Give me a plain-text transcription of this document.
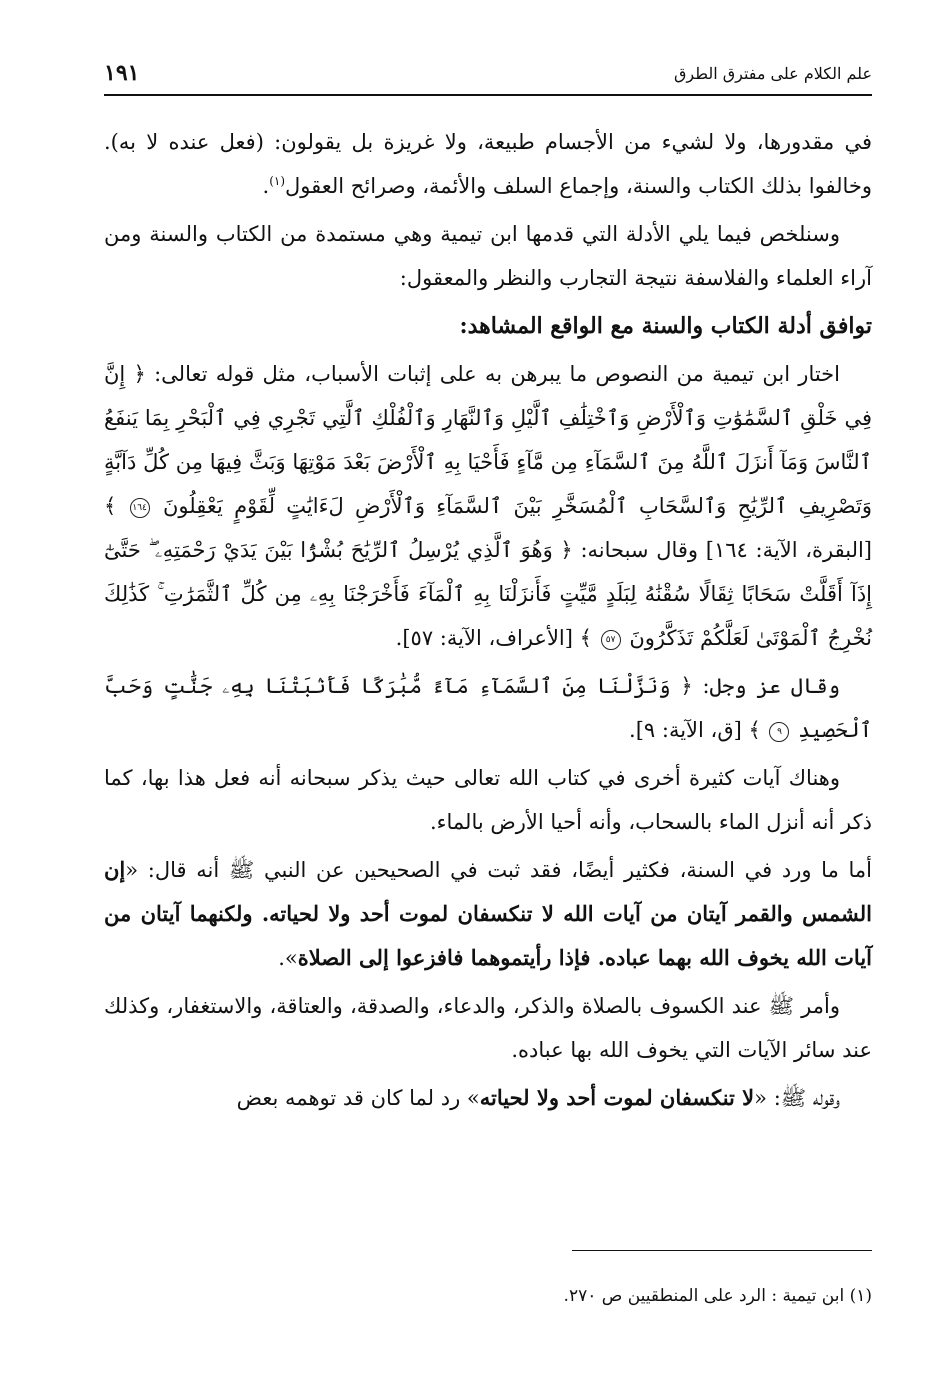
علم الكلام على مفترق الطرق
١٩١

في مقدورها، ولا لشيء من الأجسام طبيعة، ولا غريزة بل يقولون: (فعل عنده لا به). وخالفوا بذلك الكتاب والسنة، وإجماع السلف والأئمة، وصرائح العقول$^{(١)}$.

وسنلخص فيما يلي الأدلة التي قدمها ابن تيمية وهي مستمدة من الكتاب والسنة ومن آراء العلماء والفلاسفة نتيجة التجارب والنظر والمعقول:

توافق أدلة الكتاب والسنة مع الواقع المشاهد:

اختار ابن تيمية من النصوص ما يبرهن به على إثبات الأسباب، مثل قوله تعالى: ﴿ إِنَّ فِي خَلْقِ ٱلسَّمَٰوَٰتِ وَٱلْأَرْضِ وَٱخْتِلَٰفِ ٱلَّيْلِ وَٱلنَّهَارِ وَٱلْفُلْكِ ٱلَّتِي تَجْرِي فِي ٱلْبَحْرِ بِمَا يَنفَعُ ٱلنَّاسَ وَمَآ أَنزَلَ ٱللَّهُ مِنَ ٱلسَّمَآءِ مِن مَّآءٍ فَأَحْيَا بِهِ ٱلْأَرْضَ بَعْدَ مَوْتِهَا وَبَثَّ فِيهَا مِن كُلِّ دَآبَّةٍ وَتَصْرِيفِ ٱلرِّيَٰحِ وَٱلسَّحَابِ ٱلْمُسَخَّرِ بَيْنَ ٱلسَّمَآءِ وَٱلْأَرْضِ لَءَايَٰتٍ لِّقَوْمٍ يَعْقِلُونَ ١٦٤ ﴾ [البقرة، الآية: ١٦٤] وقال سبحانه: ﴿ وَهُوَ ٱلَّذِي يُرْسِلُ ٱلرِّيَٰحَ بُشْرًۢا بَيْنَ يَدَيْ رَحْمَتِهِۦ ۖ حَتَّىٰٓ إِذَآ أَقَلَّتْ سَحَابًا ثِقَالًا سُقْنَٰهُ لِبَلَدٍ مَّيِّتٍ فَأَنزَلْنَا بِهِ ٱلْمَآءَ فَأَخْرَجْنَا بِهِۦ مِن كُلِّ ٱلثَّمَرَٰتِ ۚ كَذَٰلِكَ نُخْرِجُ ٱلْمَوْتَىٰ لَعَلَّكُمْ تَذَكَّرُونَ ٥٧ ﴾ [الأعراف، الآية: ٥٧].

وقال عز وجل: ﴿ وَنَزَّلْنَا مِنَ ٱلسَّمَآءِ مَآءً مُّبَٰرَكًا فَأَنۢبَتْنَا بِهِۦ جَنَّٰتٍ وَحَبَّ ٱلْحَصِيدِ ٩ ﴾ [ق، الآية: ٩].

وهناك آيات كثيرة أخرى في كتاب الله تعالى حيث يذكر سبحانه أنه فعل هذا بها، كما ذكر أنه أنزل الماء بالسحاب، وأنه أحيا الأرض بالماء.

أما ما ورد في السنة، فكثير أيضًا، فقد ثبت في الصحيحين عن النبي ﷺ أنه قال: «إن الشمس والقمر آيتان من آيات الله لا تنكسفان لموت أحد ولا لحياته. ولكنهما آيتان من آيات الله يخوف الله بهما عباده. فإذا رأيتموهما فافزعوا إلى الصلاة».

وأمر ﷺ عند الكسوف بالصلاة والذكر، والدعاء، والصدقة، والعتاقة، والاستغفار، وكذلك عند سائر الآيات التي يخوف الله بها عباده.

وقوله ﷺ: «لا تنكسفان لموت أحد ولا لحياته» رد لما كان قد توهمه بعض

(١) ابن تيمية : الرد على المنطقيين ص ٢٧٠.
